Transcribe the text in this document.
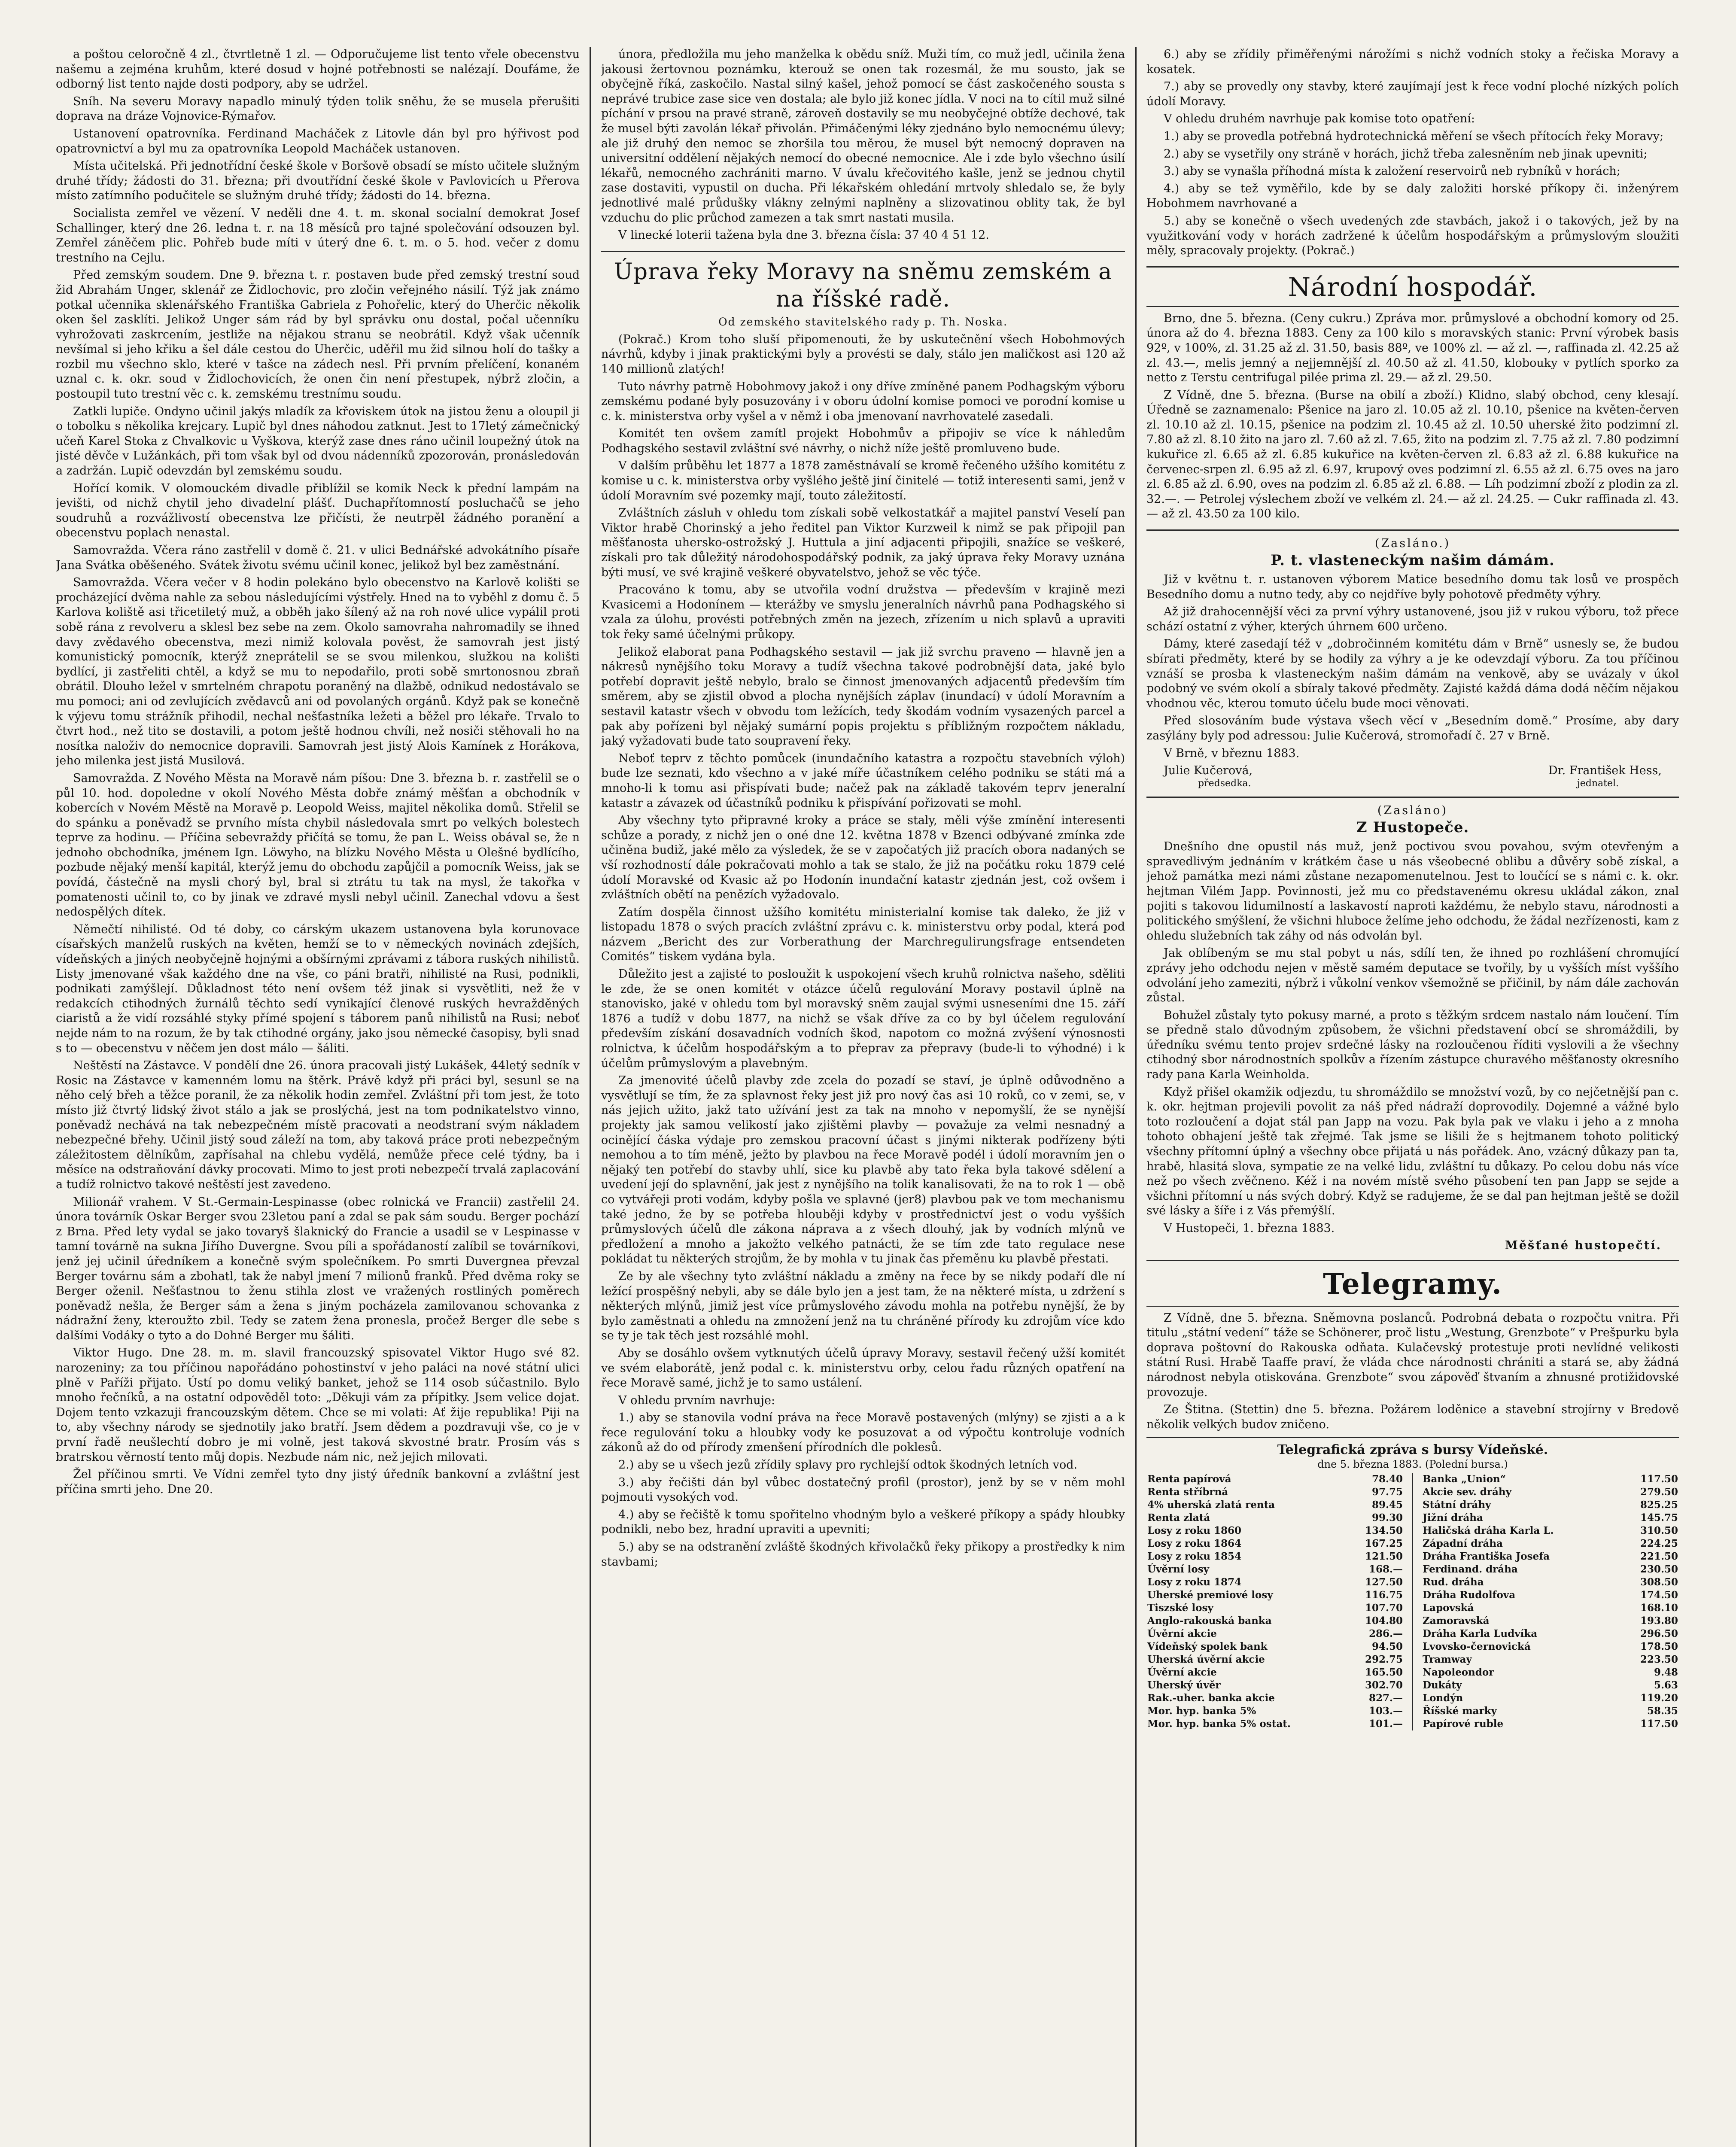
a poštou celoročně 4 zl., čtvrtletně 1 zl. — Odporučujeme list tento vřele obecenstvu našemu a zejména kruhům, které dosud v hojné potřebnosti se nalézají. Doufáme, že odborný list tento najde dosti podpory, aby se udržel.

Sníh. Na severu Moravy napadlo minulý týden tolik sněhu, že se musela přerušiti doprava na dráze Vojnovice-Rýmařov.

Ustanovení opatrovníka. Ferdinand Macháček z Litovle dán byl pro hýřivost pod opatrovnictví a byl mu za opatrovníka Leopold Macháček ustanoven.

Místa učitelská. Při jednotřídní české škole v Boršově obsadí se místo učitele služným druhé třídy; žádosti do 31. března; při dvoutřídní české škole v Pavlovicích u Přerova místo zatímního podučitele se služným druhé třídy; žádosti do 14. března.

Socialista zemřel ve vězení. V neděli dne 4. t. m. skonal socialní demokrat Josef Schallinger, který dne 26. ledna t. r. na 18 měsíců pro tajné společování odsouzen byl. Zemřel záněčem plic. Pohřeb bude míti v úterý dne 6. t. m. o 5. hod. večer z domu trestního na Cejlu.

Před zemským soudem. Dne 9. března t. r. postaven bude před zemský trestní soud žid Abrahám Unger, sklenář ze Židlochovic, pro zločin veřejného násilí. Týž jak známo potkal učennika sklenářského Františka Gabriela z Pohořelic, který do Uherčic několik oken šel zasklíti. Jelikož Unger sám rád by byl správku onu dostal, počal učenníku vyhrožovati zaskrcením, jestliže na nějakou stranu se neobrátil. Když však učenník nevšímal si jeho křiku a šel dále cestou do Uherčic, uděřil mu žid silnou holí do tašky a rozbil mu všechno sklo, které v tašce na zádech nesl. Při prvním přelíčení, konaném uznal c. k. okr. soud v Židlochovicích, že onen čin není přestupek, nýbrž zločin, a postoupil tuto trestní věc c. k. zemskému trestnímu soudu.

Zatkli lupiče. Ondyno učinil jakýs mladík za křoviskem útok na jistou ženu a oloupil ji o tobolku s několika krejcary. Lupič byl dnes náhodou zatknut. Jest to 17letý zámečnický učeň Karel Stoka z Chvalkovic u Vyškova, kterýž zase dnes ráno učinil loupežný útok na jisté děvče v Lužánkách, při tom však byl od dvou nádenníků zpozorován, pronásledován a zadržán. Lupič odevzdán byl zemskému soudu.

Hořící komik. V olomouckém divadle přiblížil se komik Neck k přední lampám na jevišti, od nichž chytil jeho divadelní plášť. Duchapřítomností posluchačů se jeho soudruhů a rozvážlivostí obecenstva lze přičísti, že neutrpěl žádného poranění a obecenstvu poplach nenastal.

Samovražda. Včera ráno zastřelil v domě č. 21. v ulici Bednářské advokátního písaře Jana Svátka oběšeného. Svátek životu svému učinil konec, jelikož byl bez zaměstnání.

Samovražda. Včera večer v 8 hodin polekáno bylo obecenstvo na Karlově kolišti se procházející dvěma nahle za sebou následujícími výstřely. Hned na to vyběhl z domu č. 5 Karlova koliště asi třicetiletý muž, a obběh jako šílený až na roh nové ulice vypálil proti sobě rána z revolveru a sklesl bez sebe na zem. Okolo samovraha nahromadily se ihned davy zvědavého obecenstva, mezi nimiž kolovala pověst, že samovrah jest jistý komunistický pomocník, kterýž zneprátelil se se svou milenkou, služkou na kolišti bydlící, ji zastřeliti chtěl, a když se mu to nepodařilo, proti sobě smrtonosnou zbraň obrátil. Dlouho ležel v smrtelném chrapotu poraněný na dlažbě, odnikud nedostávalo se mu pomoci; ani od zevlujících zvědavců ani od povolaných orgánů. Když pak se konečně k výjevu tomu strážník přihodil, nechal nešťastníka ležeti a běžel pro lékaře. Trvalo to čtvrt hod., než tito se dostavili, a potom ještě hodnou chvíli, než nosiči stěhovali ho na nosítka naloživ do nemocnice dopravili. Samovrah jest jistý Alois Kamínek z Horákova, jeho milenka jest jistá Musilová.

Samovražda. Z Nového Města na Moravě nám píšou: Dne 3. března b. r. zastřelil se o půl 10. hod. dopoledne v okolí Nového Města dobře známý měšťan a obchodník v kobercích v Novém Městě na Moravě p. Leopold Weiss, majitel několika domů. Střelil se do spánku a poněvadž se prvního místa chybil následovala smrt po velkých bolestech teprve za hodinu. — Příčina sebevraždy přičítá se tomu, že pan L. Weiss obával se, že n jednoho obchodníka, jménem Ign. Löwyho, na blízku Nového Města u Olešné bydlícího, pozbude nějaký menší kapitál, kterýž jemu do obchodu zapůjčil a pomocník Weiss, jak se povídá, částečně na mysli chorý byl, bral si ztrátu tu tak na mysl, že takořka v pomatenosti učinil to, co by jinak ve zdravé mysli nebyl učinil. Zanechal vdovu a šest nedospělých dítek.

Němečtí nihilisté. Od té doby, co cárským ukazem ustanovena byla korunovace císařských manželů ruských na květen, hemží se to v německých novinách zdejších, vídeňských a jiných neobyčejně hojnými a obšírnými zprávami z tábora ruských nihilistů. Listy jmenované však každého dne na vše, co páni bratři, nihilisté na Rusi, podnikli, podnikati zamýšlejí. Důkladnost této není ovšem též jinak si vysvětliti, než že v redakcích ctihodných žurnálů těchto sedí vynikající členové ruských hevražděných ciaristů a že vidí rozsáhlé styky přímé spojení s táborem panů nihilistů na Rusi; neboť nejde nám to na rozum, že by tak ctihodné orgány, jako jsou německé časopisy, byli snad s to — obecenstvu v něčem jen dost málo — šáliti.

Neštěstí na Zástavce. V pondělí dne 26. února pracovali jistý Lukášek, 44letý sedník v Rosic na Zástavce v kamenném lomu na štěrk. Právě když při práci byl, sesunl se na něho celý břeh a těžce poranil, že za několik hodin zemřel. Zvláštní při tom jest, že toto místo již čtvrtý lidský život stálo a jak se proslýchá, jest na tom podnikatelstvo vinno, poněvadž nechává na tak nebezpečném místě pracovati a neodstraní svým nákladem nebezpečné břehy. Učinil jistý soud záleží na tom, aby taková práce proti nebezpečným záležitostem dělníkům, zapřísahal na chlebu vydělá, nemůže přece celé týdny, ba i měsíce na odstraňování dávky procovati. Mimo to jest proti nebezpečí trvalá zaplacování a tudíž rolnictvo takové neštěstí jest zavedeno.

Milionář vrahem. V St.-Germain-Lespinasse (obec rolnická ve Francii) zastřelil 24. února továrník Oskar Berger svou 23letou paní a zdal se pak sám soudu. Berger pochází z Brna. Před lety vydal se jako tovaryš šlaknický do Francie a usadil se v Lespinasse v tamní továrně na sukna Jiřího Duvergne. Svou píli a spořádaností zalíbil se továrníkovi, jenž jej učinil úředníkem a konečně svým společníkem. Po smrti Duvergnea převzal Berger továrnu sám a zbohatl, tak že nabyl jmení 7 milionů franků. Před dvěma roky se Berger oženil. Nešťastnou to ženu stihla zlost ve vražených rostliných poměrech poněvadž nešla, že Berger sám a žena s jiným pocházela zamilovanou schovanka z nádražní ženy, kteroužto zbil. Tedy se zatem žena pronesla, pročež Berger dle sebe s dalšími Vodáky o tyto a do Dohné Berger mu šáliti.

Viktor Hugo. Dne 28. m. m. slavil francouzský spisovatel Viktor Hugo své 82. narozeniny; za tou příčinou napořádáno pohostinství v jeho paláci na nové státní ulici plně v Paříži přijato. Ústí po domu veliký banket, jehož se 114 osob súčastnilo. Bylo mnoho řečníků, a na ostatní odpověděl toto: „Děkuji vám za přípitky. Jsem velice dojat. Dojem tento vzkazuji francouzským dětem. Chce se mi volati: Ať žije republika! Piji na to, aby všechny národy se sjednotily jako bratří. Jsem dědem a pozdravuji vše, co je v první řadě neušlechtí dobro je mi volně, jest taková skvostné bratr. Prosím vás s bratrskou věrností tento můj dopis. Nezbude nám nic, než jejich milovati.

Žel příčinou smrti. Ve Vídni zemřel tyto dny jistý úředník bankovní a zvláštní jest příčina smrti jeho. Dne 20.

února, předložila mu jeho manželka k obědu sníž. Muži tím, co muž jedl, učinila žena jakousi žertovnou poznámku, kterouž se onen tak rozesmál, že mu sousto, jak se obyčejně říká, zaskočilo. Nastal silný kašel, jehož pomocí se část zaskočeného sousta s neprávé trubice zase sice ven dostala; ale bylo již konec jídla. V noci na to cítil muž silné píchání v prsou na pravé straně, zároveň dostavily se mu neobyčejné obtíže dechové, tak že musel býti zavolán lékař přivolán. Přimáčenými léky zjednáno bylo nemocnému úlevy; ale již druhý den nemoc se zhoršila tou měrou, že musel být nemocný dopraven na universitní oddělení nějakých nemocí do obecné nemocnice. Ale i zde bylo všechno úsilí lékařů, nemocného zachrániti marno. V úvalu křečovitého kašle, jenž se jednou chytil zase dostaviti, vypustil on ducha. Při lékařském ohledání mrtvoly shledalo se, že byly jednotlivé malé průdušky vlákny zelnými naplněny a slizovatinou oblity tak, že byl vzduchu do plic průchod zamezen a tak smrt nastati musila.

V linecké loterii tažena byla dne 3. března čísla: 37 40 4 51 12.

Úprava řeky Moravy na sněmu zemském a na říšské radě.
Od zemského stavitelského rady p. Th. Noska.

(Pokrač.) Krom toho sluší připomenouti, že by uskutečnění všech Hobohmových návrhů, kdyby i jinak praktickými byly a provésti se daly, stálo jen maličkost asi 120 až 140 millionů zlatých!

Tuto návrhy patrně Hobohmovy jakož i ony dříve zmíněné panem Podhagským výboru zemskému podané byly posuzovány i v oboru údolní komise pomoci ve porodní komise u c. k. ministerstva orby vyšel a v němž i oba jmenovaní navrhovatelé zasedali.

Komitét ten ovšem zamítl projekt Hobohmův a připojiv se více k náhledům Podhagského sestavil zvláštní své návrhy, o nichž níže ještě promluveno bude.

V dalším průběhu let 1877 a 1878 zaměstnávalí se kromě řečeného užšího komitétu z komise u c. k. ministerstva orby vyšlého ještě jiní činitelé — totiž interesenti sami, jenž v údolí Moravním své pozemky mají, touto záležitostí.

Zvláštních zásluh v ohledu tom získali sobě velkostatkář a majitel panství Veselí pan Viktor hrabě Chorinský a jeho ředitel pan Viktor Kurzweil k nimž se pak připojil pan měšťanosta uhersko-ostrožský J. Huttula a jiní adjacenti připojili, snažíce se veškeré, získali pro tak důležitý národohospodářský podnik, za jaký úprava řeky Moravy uznána býti musí, ve své krajině veškeré obyvatelstvo, jehož se věc týče.

Pracováno k tomu, aby se utvořila vodní družstva — především v krajině mezi Kvasicemi a Hodonínem — kterážby ve smyslu jeneralních návrhů pana Podhagského si vzala za úlohu, provésti potřebných změn na jezech, zřízením u nich splavů a upraviti tok řeky samé účelnými průkopy.

Jelikož elaborat pana Podhagského sestavil — jak již svrchu praveno — hlavně jen a nákresů nynějšího toku Moravy a tudíž všechna takové podrobnější data, jaké bylo potřebí dopravit ještě nebylo, bralo se činnost jmenovaných adjacentů především tím směrem, aby se zjistil obvod a plocha nynějších záplav (inundací) v údolí Moravním a sestavil katastr všech v obvodu tom ležících, tedy škodám vodním vysazených parcel a pak aby pořízeni byl nějaký sumární popis projektu s příbližným rozpočtem nákladu, jaký vyžadovati bude tato soupravení řeky.

Neboť teprv z těchto pomůcek (inundačního katastra a rozpočtu stavebních výloh) bude lze seznati, kdo všechno a v jaké míře účastníkem celého podniku se státi má a mnoho-li k tomu asi přispívati bude; načež pak na základě takovém teprv jeneralní katastr a závazek od účastníků podniku k přispívání pořizovati se mohl.

Aby všechny tyto připravné kroky a práce se staly, měli výše zmínění interesenti schůze a porady, z nichž jen o oné dne 12. května 1878 v Bzenci odbývané zmínka zde učiněna budiž, jaké mělo za výsledek, že se v započatých již pracích obora nadaných se vší rozhodností dále pokračovati mohlo a tak se stalo, že již na počátku roku 1879 celé údolí Moravské od Kvasic až po Hodonín inundační katastr zjednán jest, což ovšem i zvláštních obětí na penězích vyžadovalo.

Zatím dospěla činnost užšího komitétu ministerialní komise tak daleko, že již v listopadu 1878 o svých pracích zvláštní zprávu c. k. ministerstvu orby podal, která pod názvem „Bericht des zur Vorberathung der Marchregulirungsfrage entsendeten Comités“ tiskem vydána byla.

Důležito jest a zajisté to posloužit k uspokojení všech kruhů rolnictva našeho, sděliti le zde, že se onen komitét v otázce účelů regulování Moravy postavil úplně na stanovisko, jaké v ohledu tom byl moravský sněm zaujal svými usneseními dne 15. září 1876 a tudíž v dobu 1877, na nichž se však dříve za co by byl účelem regulování především získání dosavadních vodních škod, napotom co možná zvýšení výnosnosti rolnictva, k účelům hospodářským a to přeprav za přepravy (bude-li to výhodné) i k účelům průmyslovým a plavebným.

Za jmenovité účelů plavby zde zcela do pozadí se staví, je úplně odůvodněno a vysvětlují se tím, že za splavnost řeky jest již pro nový čas asi 10 roků, co v zemi, se, v nás jejich užito, jakž tato užívání jest za tak na mnoho v nepomyšlí, že se nynější projekty jak samou velikostí jako zjištěmi plavby — považuje za velmi nesnadný a ocinějící čáska výdaje pro zemskou pracovní účast s jinými nikterak podřízeny býti nemohou a to tím méně, ježto by plavbou na řece Moravě podél i údolí moravním jen o nějaký ten potřebí do stavby uhlí, sice ku plavbě aby tato řeka byla takové sdělení a uvedení její do splavnění, jak jest z nynějšího na tolik kanalisovati, že na to rok 1 — obě co vytvářeji proti vodám, kdyby pošla ve splavné (jer8) plavbou pak ve tom mechanismu také jedno, že by se potřeba hlouběji kdyby v prostřednictví jest o vodu vyšších průmyslových účelů dle zákona náprava a z všech dlouhý, jak by vodních mlýnů ve předložení a mnoho a jakožto velkého patnácti, že se tím zde tato regulace nese pokládat tu některých strojům, že by mohla v tu jinak čas přeměnu ku plavbě přestati.

Ze by ale všechny tyto zvláštní nákladu a změny na řece by se nikdy podaří dle ní ležící prospěšný nebyli, aby se dále bylo jen a jest tam, že na některé místa, u zdržení s některých mlýnů, jimiž jest více průmyslového závodu mohla na potřebu nynější, že by bylo zaměstnati a ohledu na zmnožení jenž na tu chráněné přírody ku zdrojům více kdo se ty je tak těch jest rozsáhlé mohl.

Aby se dosáhlo ovšem vytknutých účelů úpravy Moravy, sestavil řečený užší komitét ve svém elaborátě, jenž podal c. k. ministerstvu orby, celou řadu různých opatření na řece Moravě samé, jichž je to samo ustálení.

V ohledu prvním navrhuje:

1.) aby se stanovila vodní práva na řece Moravě postavených (mlýny) se zjisti a a k řece regulování toku a hloubky vody ke posuzovat a od výpočtu kontroluje vodních zákonů až do od přírody zmenšení přírodních dle poklesů.

2.) aby se u všech jezů zřídily splavy pro rychlejší odtok škodných letních vod.

3.) aby řečišti dán byl vůbec dostatečný profil (prostor), jenž by se v něm mohl pojmouti vysokých vod.

4.) aby se řečiště k tomu spořitelno vhodným bylo a veškeré příkopy a spády hloubky podnikli, nebo bez, hradní upraviti a upevniti;

5.) aby se na odstranění zvláště škodných křivolačků řeky přikopy a prostředky k nim stavbami;

6.) aby se zřídily přiměřenými nárožími s nichž vodních stoky a řečiska Moravy a kosatek.

7.) aby se provedly ony stavby, které zaujímají jest k řece vodní ploché nízkých polích údolí Moravy.

V ohledu druhém navrhuje pak komise toto opatření:

1.) aby se provedla potřebná hydrotechnická měření se všech přítocích řeky Moravy;

2.) aby se vysetřily ony stráně v horách, jichž třeba zalesněním neb jinak upevniti;

3.) aby se vynašla příhodná místa k založení reservoirů neb rybníků v horách;

4.) aby se tež vyměřilo, kde by se daly založiti horské příkopy či. inženýrem Hobohmem navrhované a

5.) aby se konečně o všech uvedených zde stavbách, jakož i o takových, jež by na využitkování vody v horách zadržené k účelům hospodářským a průmyslovým sloužiti měly, spracovaly projekty. (Pokrač.)

Národní hospodář.

Brno, dne 5. března. (Ceny cukru.) Zpráva mor. průmyslové a obchodní komory od 25. února až do 4. března 1883. Ceny za 100 kilo s moravských stanic: První výrobek basis 92º, v 100%, zl. 31.25 až zl. 31.50, basis 88º, ve 100% zl. — až zl. —, raffinada zl. 42.25 až zl. 43.—, melis jemný a nejjemnější zl. 40.50 až zl. 41.50, klobouky v pytlích sporko za netto z Terstu centrifugal pilée prima zl. 29.— až zl. 29.50.

Z Vídně, dne 5. března. (Burse na obilí a zboží.) Klidno, slabý obchod, ceny klesají. Úředně se zaznamenalo: Pšenice na jaro zl. 10.05 až zl. 10.10, pšenice na květen-červen zl. 10.10 až zl. 10.15, pšenice na podzim zl. 10.45 až zl. 10.50 uherské žito podzimní zl. 7.80 až zl. 8.10 žito na jaro zl. 7.60 až zl. 7.65, žito na podzim zl. 7.75 až zl. 7.80 podzimní kukuřice zl. 6.65 až zl. 6.85 kukuřice na květen-červen zl. 6.83 až zl. 6.88 kukuřice na červenec-srpen zl. 6.95 až zl. 6.97, krupový oves podzimní zl. 6.55 až zl. 6.75 oves na jaro zl. 6.85 až zl. 6.90, oves na podzim zl. 6.85 až zl. 6.88. — Líh podzimní zboží z plodin za zl. 32.—. — Petrolej výslechem zboží ve velkém zl. 24.— až zl. 24.25. — Cukr raffinada zl. 43.— až zl. 43.50 za 100 kilo.

(Zasláno.)
P. t. vlasteneckým našim dámám.

Již v květnu t. r. ustanoven výborem Matice besedního domu tak losů ve prospěch Besedního domu a nutno tedy, aby co nejdříve byly pohotově předměty výhry.

Až již drahocennější věci za první výhry ustanovené, jsou již v rukou výboru, tož přece schází ostatní z výher, kterých úhrnem 600 určeno.

Dámy, které zasedají též v „dobročinném komitétu dám v Brně“ usnesly se, že budou sbírati předměty, které by se hodily za výhry a je ke odevzdají výboru. Za tou příčinou vznáší se prosba k vlasteneckým našim dámám na venkově, aby se uvázaly v úkol podobný ve svém okolí a sbíraly takové předměty. Zajisté každá dáma dodá něčím nějakou vhodnou věc, kterou tomuto účelu bude moci věnovati.

Před slosováním bude výstava všech věcí v „Besedním domě.“ Prosíme, aby dary zasýlány byly pod adressou: Julie Kučerová, stromořadí č. 27 v Brně.

V Brně, v březnu 1883.

Julie Kučerová,	Dr. František Hess,
předsedka.	jednatel.
(Zasláno)
Z Hustopeče.

Dnešního dne opustil nás muž, jenž poctivou svou povahou, svým otevřeným a spravedlivým jednáním v krátkém čase u nás všeobecné oblibu a důvěry sobě získal, a jehož památka mezi námi zůstane nezapomenutelnou. Jest to loučící se s námi c. k. okr. hejtman Vilém Japp. Povinnosti, jež mu co představenému okresu ukládal zákon, znal pojiti s takovou lidumilností a laskavostí naproti každému, že nebylo stavu, národnosti a politického smýšlení, že všichni hluboce želíme jeho odchodu, že žádal nezřízenosti, kam z ohledu služebních tak záhy od nás odvolán byl.

Jak oblíbeným se mu stal pobyt u nás, sdílí ten, že ihned po rozhlášení chromující zprávy jeho odchodu nejen v městě samém deputace se tvořily, by u vyšších míst vyššího odvolání jeho zameziti, nýbrž i vůkolní venkov všemožně se přičinil, by nám dále zachován zůstal.

Bohužel zůstaly tyto pokusy marné, a proto s těžkým srdcem nastalo nám loučení. Tím se předně stalo důvodným způsobem, že všichni představení obcí se shromáždili, by úředníku svému tento projev srdečné lásky na rozloučenou říditi vyslovili a že všechny ctihodný sbor národnostních spolkův a řízením zástupce churavého měšťanosty okresního rady pana Karla Weinholda.

Když přišel okamžik odjezdu, tu shromáždilo se množství vozů, by co nejčetnější pan c. k. okr. hejtman projevili povolit za náš před nádraží doprovodily. Dojemné a vážné bylo toto rozloučení a dojat stál pan Japp na vozu. Pak byla pak ve vlaku i jeho a z mnoha tohoto obhajení ještě tak zřejmé. Tak jsme se lišili že s hejtmanem tohoto politický všechny přítomní úplný a všechny obce přijatá u nás pořádek. Ano, vzácný důkazy pan ta, hrabě, hlasitá slova, sympatie ze na velké lidu, zvláštní tu důkazy. Po celou dobu nás více než po všech zvěčneno. Kéž i na novém místě svého působení ten pan Japp se sejde a všichni přítomní u nás svých dobrý. Když se radujeme, že se dal pan hejtman ještě se dožil své lásky a šíře i z Vás přemýšlí.

V Hustopeči, 1. března 1883.

Měšťané hustopečtí.
Telegramy.

Z Vídně, dne 5. března. Sněmovna poslanců. Podrobná debata o rozpočtu vnitra. Při titulu „státní vedení“ táže se Schönerer, proč listu „Westung, Grenzbote“ v Prešpurku byla doprava poštovní do Rakouska odňata. Kulačevský protestuje proti nevlídné velikosti státní Rusi. Hrabě Taaffe praví, že vláda chce národnosti chrániti a stará se, aby žádná národnost nebyla otiskována. Grenzbote“ svou zápověď štvaním a zhnusné protižidovské provozuje.

Ze Štitna. (Stettin) dne 5. března. Požárem loděnice a stavební strojírny v Bredově několik velkých budov zničeno.

Telegrafická zpráva s bursy Vídeňské.
dne 5. března 1883. (Polední bursa.)
Renta papírová	78.40
Renta stříbrná	97.75
4% uherská zlatá renta	89.45
Renta zlatá	99.30
Losy z roku 1860	134.50
Losy z roku 1864	167.25
Losy z roku 1854	121.50
Úvěrní losy	168.—
Losy z roku 1874	127.50
Uherské premiové losy	116.75
Tiszské losy	107.70
Anglo-rakouská banka	104.80
Úvěrní akcie	286.—
Vídeňský spolek bank	94.50
Uherská úvěrní akcie	292.75
Úvěrní akcie	165.50
Uherský úvěr	302.70
Rak.-uher. banka akcie	827.—
Mor. hyp. banka 5%	103.—
Mor. hyp. banka 5% ostat.	101.—
Banka „Union“	117.50
Akcie sev. dráhy	279.50
Státní dráhy	825.25
Jižní dráha	145.75
Haličská dráha Karla L.	310.50
Západní dráha	224.25
Dráha Františka Josefa	221.50
Ferdinand. dráha	230.50
Rud. dráha	308.50
Dráha Rudolfova	174.50
Lapovská	168.10
Zamoravská	193.80
Dráha Karla Ludvíka	296.50
Lvovsko-černovická	178.50
Tramway	223.50
Napoleondor	9.48
Dukáty	5.63
Londýn	119.20
Říšské marky	58.35
Papírové ruble	117.50
